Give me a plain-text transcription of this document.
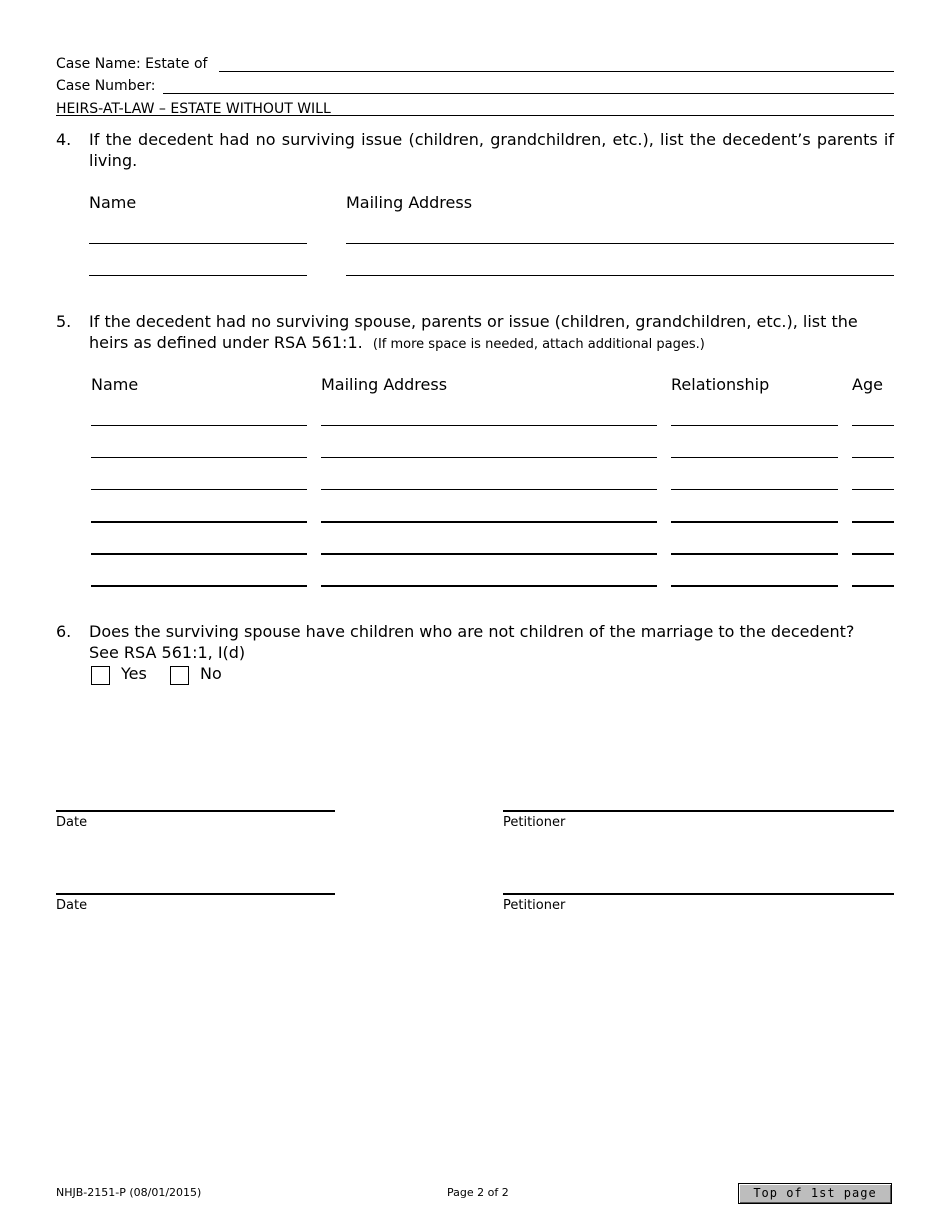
Case Name: Estate of
Case Number:
HEIRS-AT-LAW – ESTATE WITHOUT WILL
4. If the decedent had no surviving issue (children, grandchildren, etc.), list the decedent’s parents if living.
Name	Mailing Address
5. If the decedent had no surviving spouse, parents or issue (children, grandchildren, etc.), list the heirs as defined under RSA 561:1. (If more space is needed, attach additional pages.)
Name	Mailing Address	Relationship	Age
6. Does the surviving spouse have children who are not children of the marriage to the decedent?
See RSA 561:1, I(d)
Yes	No
Date	Petitioner
Date	Petitioner
NHJB-2151-P (08/01/2015)	Page 2 of 2	Top of 1st page
